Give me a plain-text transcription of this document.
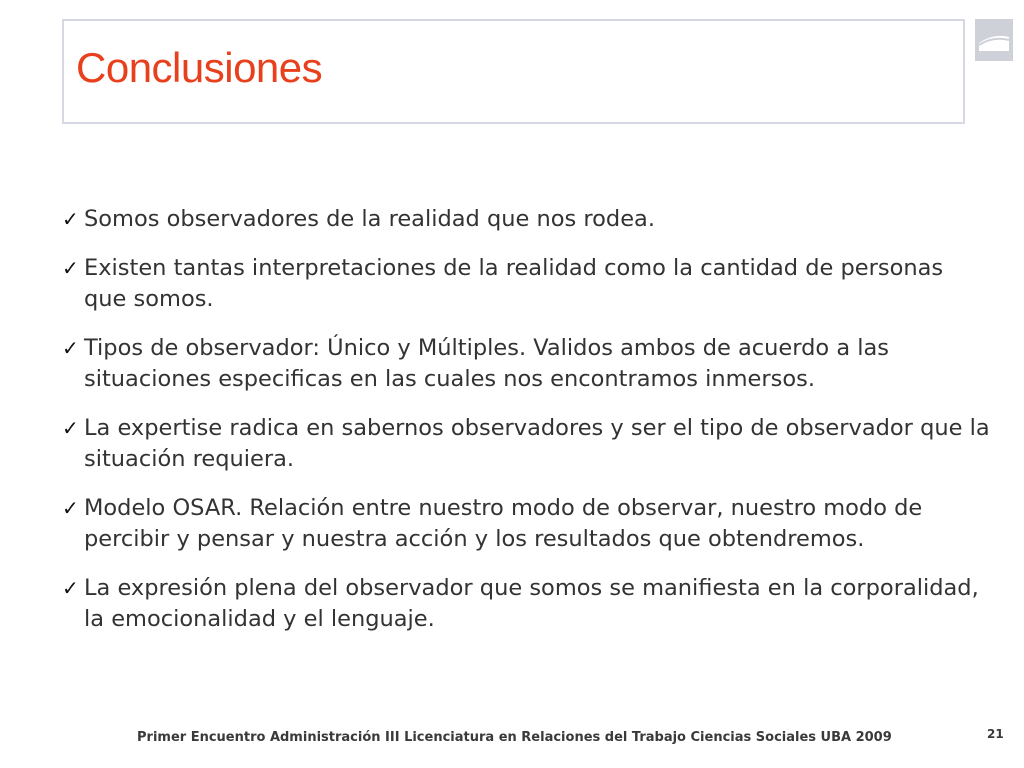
Conclusiones
✓ Somos observadores de la realidad que nos rodea.
✓ Existen tantas interpretaciones de la realidad como la cantidad de personas que somos.
✓ Tipos de observador: Único y Múltiples. Validos ambos de acuerdo a las situaciones especificas en las cuales nos encontramos inmersos.
✓ La expertise radica en sabernos observadores y ser el tipo de observador que la situación requiera.
✓ Modelo OSAR. Relación entre nuestro modo de observar, nuestro modo de percibir y pensar y nuestra acción y los resultados que obtendremos.
✓ La expresión plena del observador que somos se manifiesta en la corporalidad, la emocionalidad y el lenguaje.
Primer Encuentro Administración III Licenciatura en Relaciones del Trabajo Ciencias Sociales UBA 2009	21
